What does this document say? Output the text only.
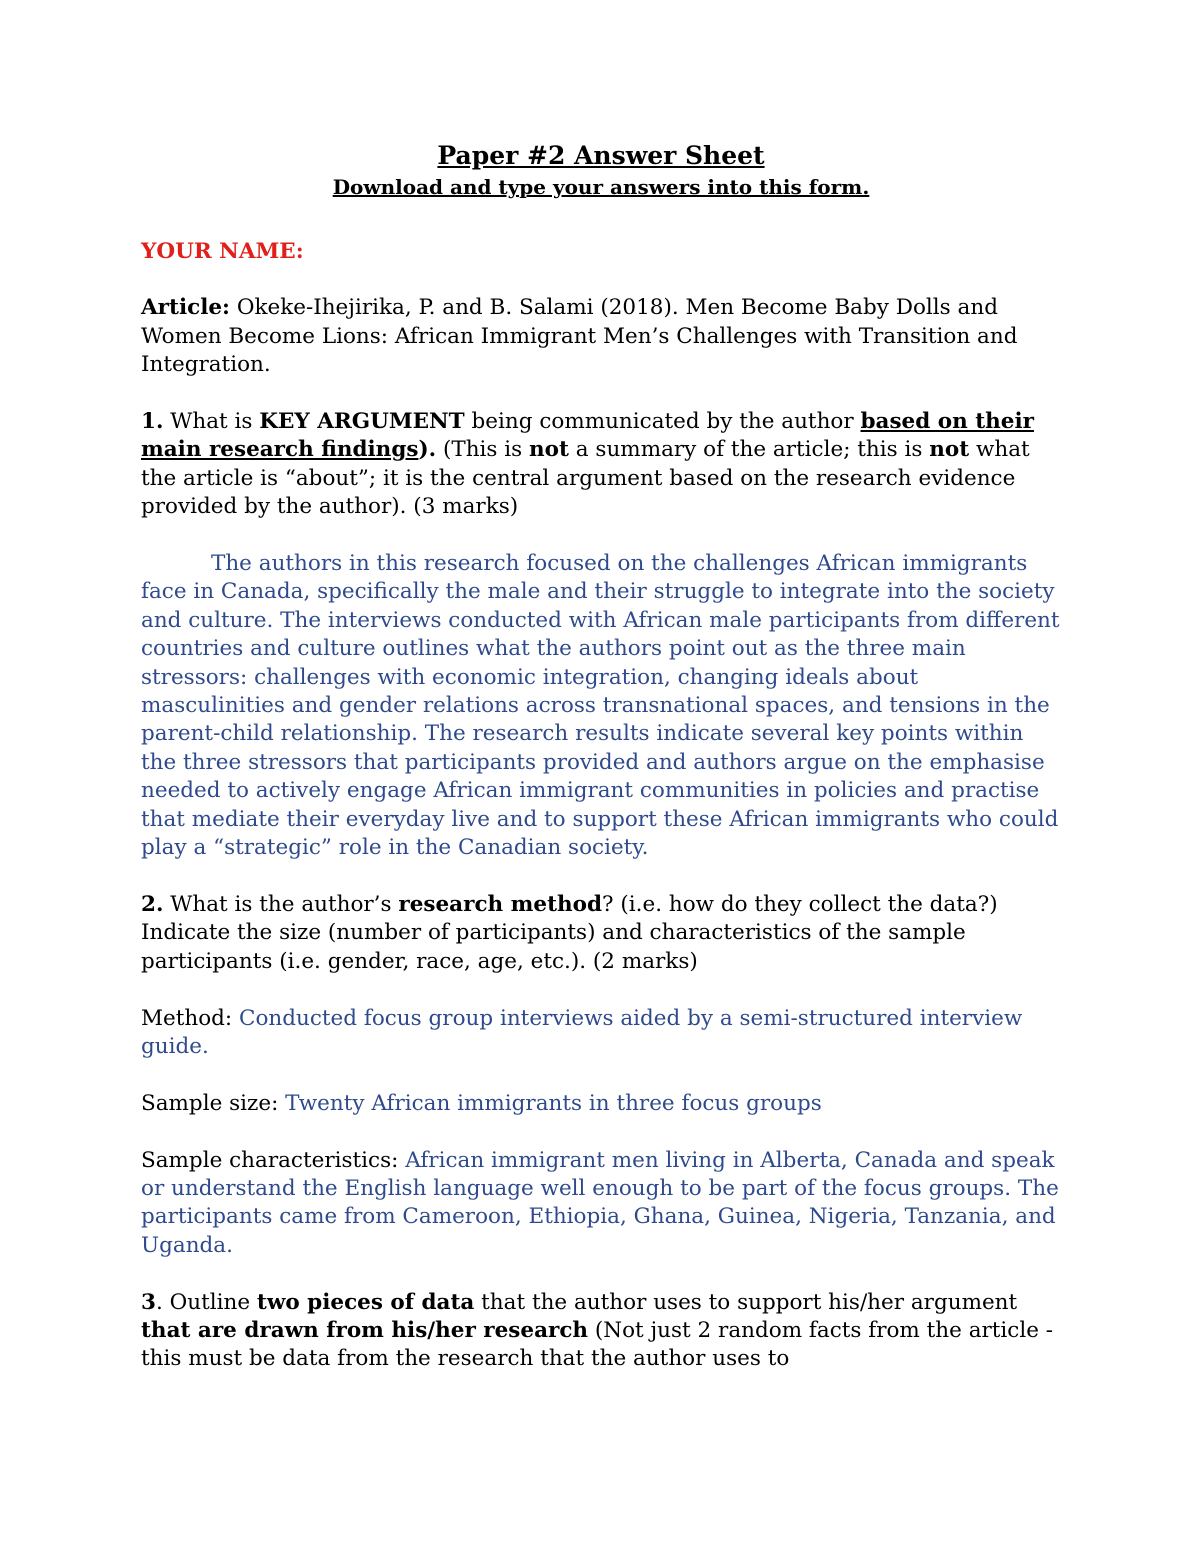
Paper #2 Answer Sheet
Download and type your answers into this form.
YOUR NAME:

Article: Okeke-Ihejirika, P. and B. Salami (2018). Men Become Baby Dolls and Women Become Lions: African Immigrant Men’s Challenges with Transition and Integration.

1. What is KEY ARGUMENT being communicated by the author based on their main research findings). (This is not a summary of the article; this is not what the article is “about”; it is the central argument based on the research evidence provided by the author). (3 marks)

The authors in this research focused on the challenges African immigrants face in Canada, specifically the male and their struggle to integrate into the society and culture. The interviews conducted with African male participants from different countries and culture outlines what the authors point out as the three main stressors: challenges with economic integration, changing ideals about masculinities and gender relations across transnational spaces, and tensions in the parent-child relationship. The research results indicate several key points within the three stressors that participants provided and authors argue on the emphasise needed to actively engage African immigrant communities in policies and practise that mediate their everyday live and to support these African immigrants who could play a “strategic” role in the Canadian society.

2. What is the author’s research method? (i.e. how do they collect the data?) Indicate the size (number of participants) and characteristics of the sample participants (i.e. gender, race, age, etc.). (2 marks)

Method: Conducted focus group interviews aided by a semi-structured interview guide.

Sample size: Twenty African immigrants in three focus groups

Sample characteristics: African immigrant men living in Alberta, Canada and speak or understand the English language well enough to be part of the focus groups. The participants came from Cameroon, Ethiopia, Ghana, Guinea, Nigeria, Tanzania, and Uganda.

3. Outline two pieces of data that the author uses to support his/her argument that are drawn from his/her research (Not just 2 random facts from the article - this must be data from the research that the author uses to
